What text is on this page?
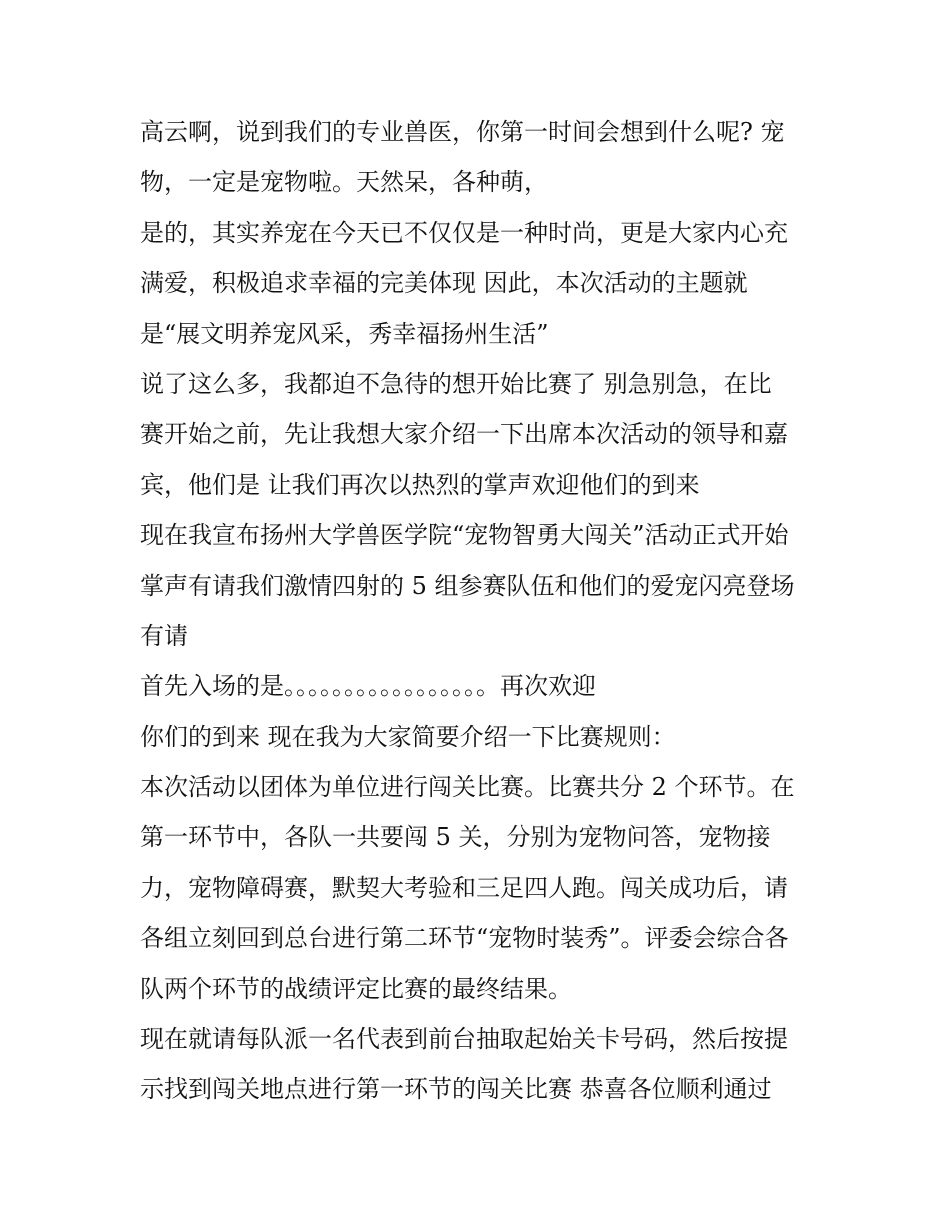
高云啊，说到我们的专业兽医，你第一时间会想到什么呢? 宠
物，一定是宠物啦。天然呆，各种萌，
是的，其实养宠在今天已不仅仅是一种时尚，更是大家内心充
满爱，积极追求幸福的完美体现 因此，本次活动的主题就
是“展文明养宠风采，秀幸福扬州生活”
说了这么多，我都迫不急待的想开始比赛了 别急别急，在比
赛开始之前，先让我想大家介绍一下出席本次活动的领导和嘉
宾，他们是 让我们再次以热烈的掌声欢迎他们的到来
现在我宣布扬州大学兽医学院“宠物智勇大闯关”活动正式开始
掌声有请我们激情四射的 5 组参赛队伍和他们的爱宠闪亮登场
有请
首先入场的是。。。。。。。。。。。。。。。。。再次欢迎
你们的到来 现在我为大家简要介绍一下比赛规则：
本次活动以团体为单位进行闯关比赛。比赛共分 2 个环节。在
第一环节中，各队一共要闯 5 关，分别为宠物问答，宠物接
力，宠物障碍赛，默契大考验和三足四人跑。闯关成功后，请
各组立刻回到总台进行第二环节“宠物时装秀”。评委会综合各
队两个环节的战绩评定比赛的最终结果。
现在就请每队派一名代表到前台抽取起始关卡号码，然后按提
示找到闯关地点进行第一环节的闯关比赛 恭喜各位顺利通过
